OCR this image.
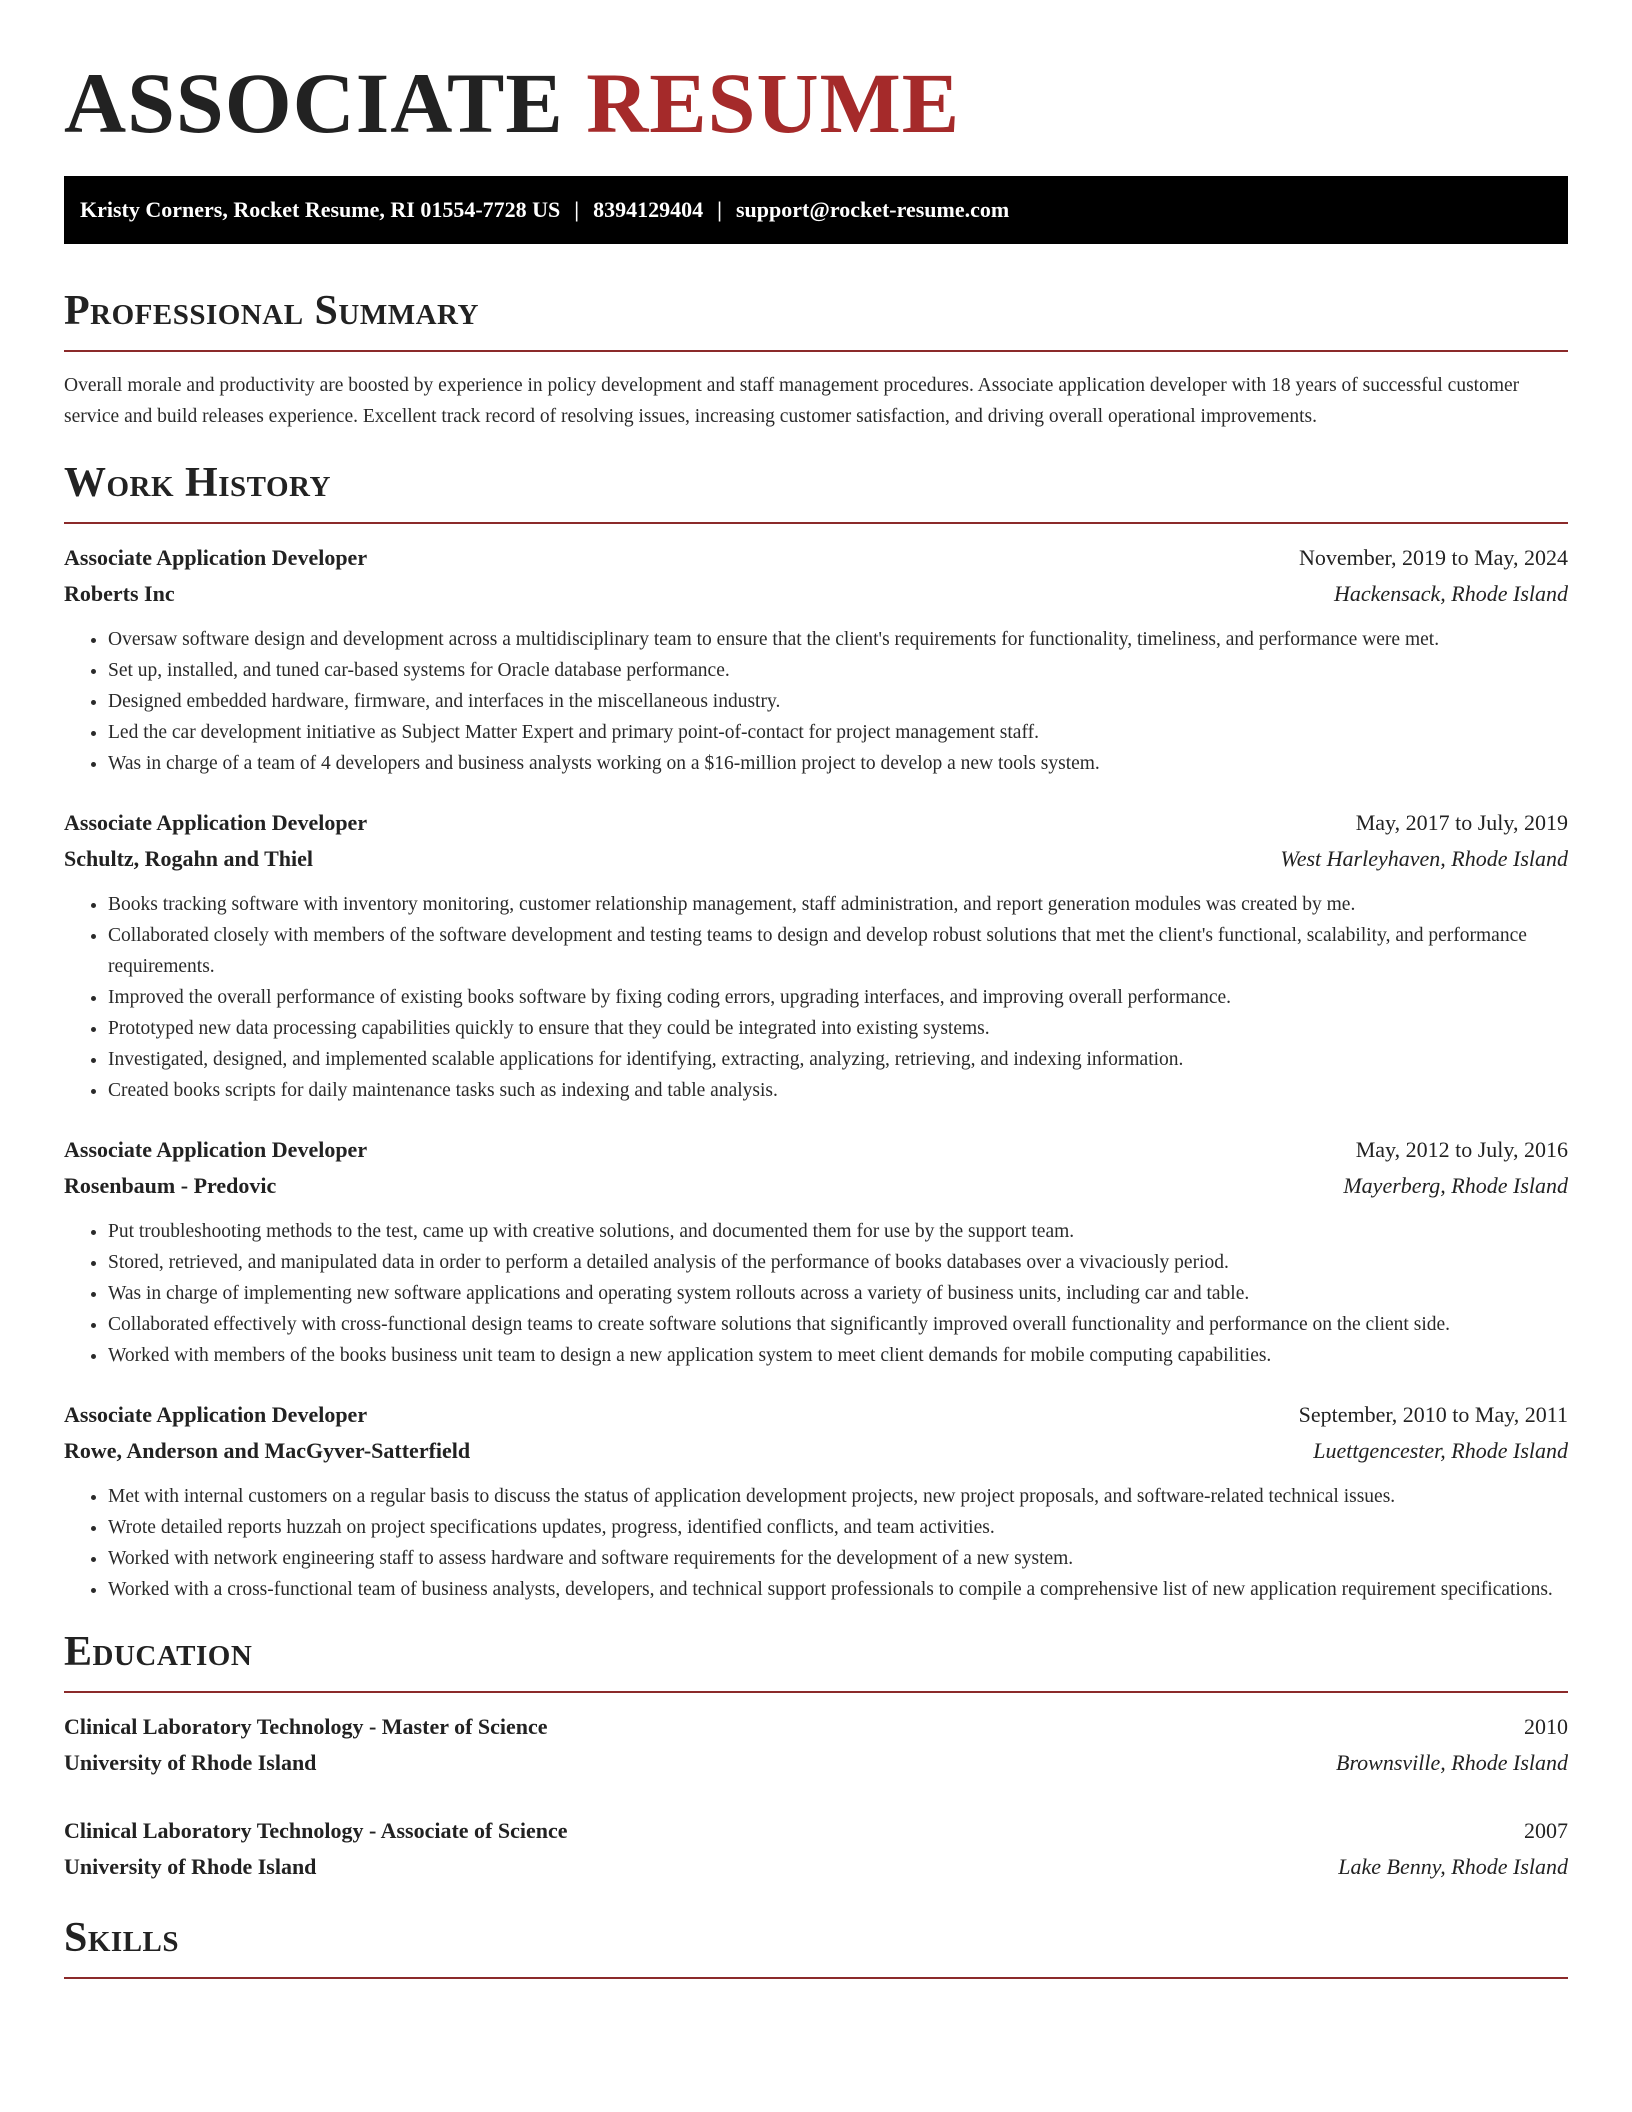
ASSOCIATE RESUME
Kristy Corners, Rocket Resume, RI 01554-7728 US | 8394129404 | support@rocket-resume.com
Professional Summary

Overall morale and productivity are boosted by experience in policy development and staff management procedures. Associate application developer with 18 years of successful customer service and build releases experience. Excellent track record of resolving issues, increasing customer satisfaction, and driving overall operational improvements.

Work History
Associate Application Developer	November, 2019 to May, 2024
Roberts Inc	Hackensack, Rhode Island
• Oversaw software design and development across a multidisciplinary team to ensure that the client's requirements for functionality, timeliness, and performance were met.
• Set up, installed, and tuned car-based systems for Oracle database performance.
• Designed embedded hardware, firmware, and interfaces in the miscellaneous industry.
• Led the car development initiative as Subject Matter Expert and primary point-of-contact for project management staff.
• Was in charge of a team of 4 developers and business analysts working on a $16-million project to develop a new tools system.
Associate Application Developer	May, 2017 to July, 2019
Schultz, Rogahn and Thiel	West Harleyhaven, Rhode Island
• Books tracking software with inventory monitoring, customer relationship management, staff administration, and report generation modules was created by me.
• Collaborated closely with members of the software development and testing teams to design and develop robust solutions that met the client's functional, scalability, and performance requirements.
• Improved the overall performance of existing books software by fixing coding errors, upgrading interfaces, and improving overall performance.
• Prototyped new data processing capabilities quickly to ensure that they could be integrated into existing systems.
• Investigated, designed, and implemented scalable applications for identifying, extracting, analyzing, retrieving, and indexing information.
• Created books scripts for daily maintenance tasks such as indexing and table analysis.
Associate Application Developer	May, 2012 to July, 2016
Rosenbaum - Predovic	Mayerberg, Rhode Island
• Put troubleshooting methods to the test, came up with creative solutions, and documented them for use by the support team.
• Stored, retrieved, and manipulated data in order to perform a detailed analysis of the performance of books databases over a vivaciously period.
• Was in charge of implementing new software applications and operating system rollouts across a variety of business units, including car and table.
• Collaborated effectively with cross-functional design teams to create software solutions that significantly improved overall functionality and performance on the client side.
• Worked with members of the books business unit team to design a new application system to meet client demands for mobile computing capabilities.
Associate Application Developer	September, 2010 to May, 2011
Rowe, Anderson and MacGyver-Satterfield	Luettgencester, Rhode Island
• Met with internal customers on a regular basis to discuss the status of application development projects, new project proposals, and software-related technical issues.
• Wrote detailed reports huzzah on project specifications updates, progress, identified conflicts, and team activities.
• Worked with network engineering staff to assess hardware and software requirements for the development of a new system.
• Worked with a cross-functional team of business analysts, developers, and technical support professionals to compile a comprehensive list of new application requirement specifications.
Education
Clinical Laboratory Technology - Master of Science	2010
University of Rhode Island	Brownsville, Rhode Island
Clinical Laboratory Technology - Associate of Science	2007
University of Rhode Island	Lake Benny, Rhode Island
Skills
